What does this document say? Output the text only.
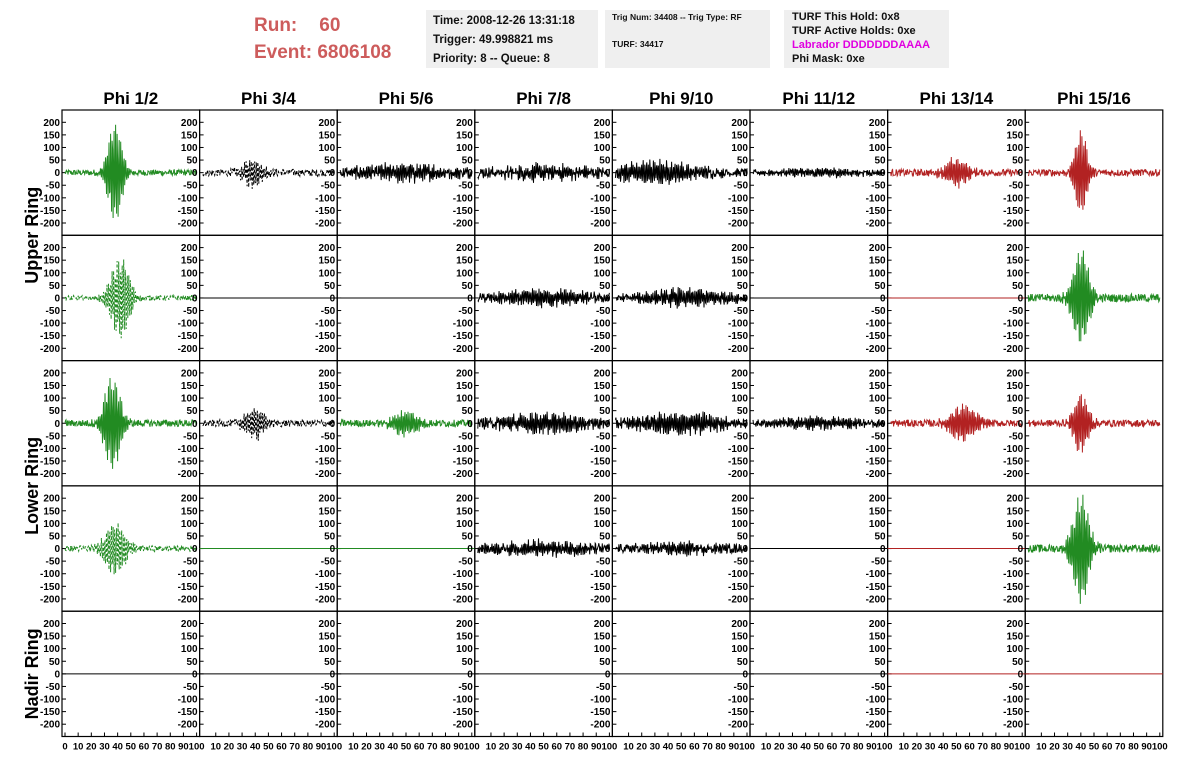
Run: 60
Event: 6806108
Time: 2008-12-26 13:31:18
Trigger: 49.998821 ms
Priority: 8 -- Queue: 8
Trig Num: 34408 -- Trig Type: RF
TURF: 34417
TURF This Hold: 0x8
TURF Active Holds: 0xe
Labrador DDDDDDDAAAA
Phi Mask: 0xe
Phi 1/2	Phi 3/4	Phi 5/6	Phi 7/8	Phi 9/10	Phi 11/12	Phi 13/14	Phi 15/16
Upper Ring
Lower Ring
Nadir Ring
200
150
100
50
0
-50
-100
-150
-200
200
150
100
50
0
-50
-100
-150
-200
200
150
100
50
0
-50
-100
-150
-200
200
150
100
50
0
-50
-100
-150
-200
200
150
100
50
0
-50
-100
-150
-200
200
150
100
50
0
-50
-100
-150
-200
200
150
100
50
0
-50
-100
-150
-200
200
150
100
50
0
-50
-100
-150
-200
200
150
100
50
0
-50
-100
-150
-200
200
150
100
50
0
-50
-100
-150
-200
200
150
100
50
0
-50
-100
-150
-200
200
150
100
50
0
-50
-100
-150
-200
200
150
100
50
0
-50
-100
-150
-200
200
150
100
50
0
-50
-100
-150
-200
200
150
100
50
0
-50
-100
-150
-200
200
150
100
50
0
-50
-100
-150
-200
200
150
100
50
0
-50
-100
-150
-200
200
150
100
50
0
-50
-100
-150
-200
200
150
100
50
0
-50
-100
-150
-200
200
150
100
50
0
-50
-100
-150
-200
200
150
100
50
0
-50
-100
-150
-200
200
150
100
50
0
-50
-100
-150
-200
200
150
100
50
0
-50
-100
-150
-200
200
150
100
50
0
-50
-100
-150
-200
200
150
100
50
0
-50
-100
-150
-200
200
150
100
50
0
-50
-100
-150
-200
200
150
100
50
0
-50
-100
-150
-200
200
150
100
50
0
-50
-100
-150
-200
200
150
100
50
0
-50
-100
-150
-200
200
150
100
50
0
-50
-100
-150
-200
200
150
100
50
0
-50
-100
-150
-200
200
150
100
50
0
-50
-100
-150
-200
200
150
100
50
0
-50
-100
-150
-200
200
150
100
50
0
-50
-100
-150
-200
200
150
100
50
0
-50
-100
-150
-200
200
150
100
50
0
-50
-100
-150
-200
200
150
100
50
0
-50
-100
-150
-200
200
150
100
50
0
-50
-100
-150
-200
200
150
100
50
0
-50
-100
-150
-200
200
150
100
50
0
-50
-100
-150
-200
0 10 20 30 40 50 60 70 80 90 100 10 20 30 40 50 60 70 80 90 100 10 20 30 40 50 60 70 80 90 100 10 20 30 40 50 60 70 80 90 100 10 20 30 40 50 60 70 80 90 100 10 20 30 40 50 60 70 80 90 100 10 20 30 40 50 60 70 80 90 100 10 20 30 40 50 60 70 80 90 100
